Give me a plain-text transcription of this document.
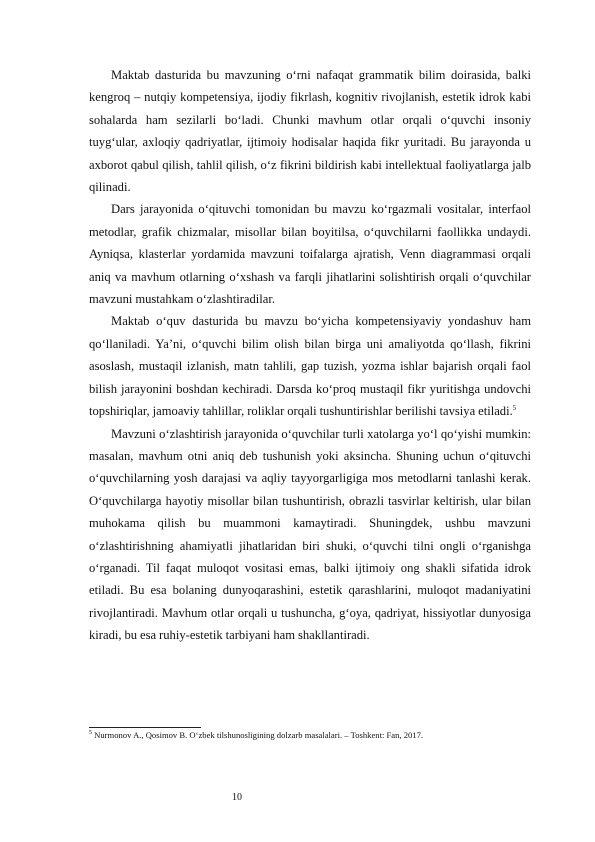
Maktab dasturida bu mavzuning o‘rni nafaqat grammatik bilim doirasida, balki kengroq – nutqiy kompetensiya, ijodiy fikrlash, kognitiv rivojlanish, estetik idrok kabi sohalarda ham sezilarli bo‘ladi. Chunki mavhum otlar orqali o‘quvchi insoniy tuyg‘ular, axloqiy qadriyatlar, ijtimoiy hodisalar haqida fikr yuritadi. Bu jarayonda u axborot qabul qilish, tahlil qilish, o‘z fikrini bildirish kabi intellektual faoliyatlarga jalb qilinadi.

Dars jarayonida o‘qituvchi tomonidan bu mavzu ko‘rgazmali vositalar, interfaol metodlar, grafik chizmalar, misollar bilan boyitilsa, o‘quvchilarni faollikka undaydi. Ayniqsa, klasterlar yordamida mavzuni toifalarga ajratish, Venn diagrammasi orqali aniq va mavhum otlarning o‘xshash va farqli jihatlarini solishtirish orqali o‘quvchilar mavzuni mustahkam o‘zlashtiradilar.

Maktab o‘quv dasturida bu mavzu bo‘yicha kompetensiyaviy yondashuv ham qo‘llaniladi. Ya’ni, o‘quvchi bilim olish bilan birga uni amaliyotda qo‘llash, fikrini asoslash, mustaqil izlanish, matn tahlili, gap tuzish, yozma ishlar bajarish orqali faol bilish jarayonini boshdan kechiradi. Darsda ko‘proq mustaqil fikr yuritishga undovchi topshiriqlar, jamoaviy tahlillar, roliklar orqali tushuntirishlar berilishi tavsiya etiladi.$^5$

Mavzuni o‘zlashtirish jarayonida o‘quvchilar turli xatolarga yo‘l qo‘yishi mumkin: masalan, mavhum otni aniq deb tushunish yoki aksincha. Shuning uchun o‘qituvchi o‘quvchilarning yosh darajasi va aqliy tayyorgarligiga mos metodlarni tanlashi kerak. O‘quvchilarga hayotiy misollar bilan tushuntirish, obrazli tasvirlar keltirish, ular bilan muhokama qilish bu muammoni kamaytiradi. Shuningdek, ushbu mavzuni o‘zlashtirishning ahamiyatli jihatlaridan biri shuki, o‘quvchi tilni ongli o‘rganishga o‘rganadi. Til faqat muloqot vositasi emas, balki ijtimoiy ong shakli sifatida idrok etiladi. Bu esa bolaning dunyoqarashini, estetik qarashlarini, muloqot madaniyatini rivojlantiradi. Mavhum otlar orqali u tushuncha, g‘oya, qadriyat, hissiyotlar dunyosiga kiradi, bu esa ruhiy-estetik tarbiyani ham shakllantiradi.

$^5$ Nurmonov A., Qosimov B. O‘zbek tilshunosligining dolzarb masalalari. – Toshkent: Fan, 2017.
10
